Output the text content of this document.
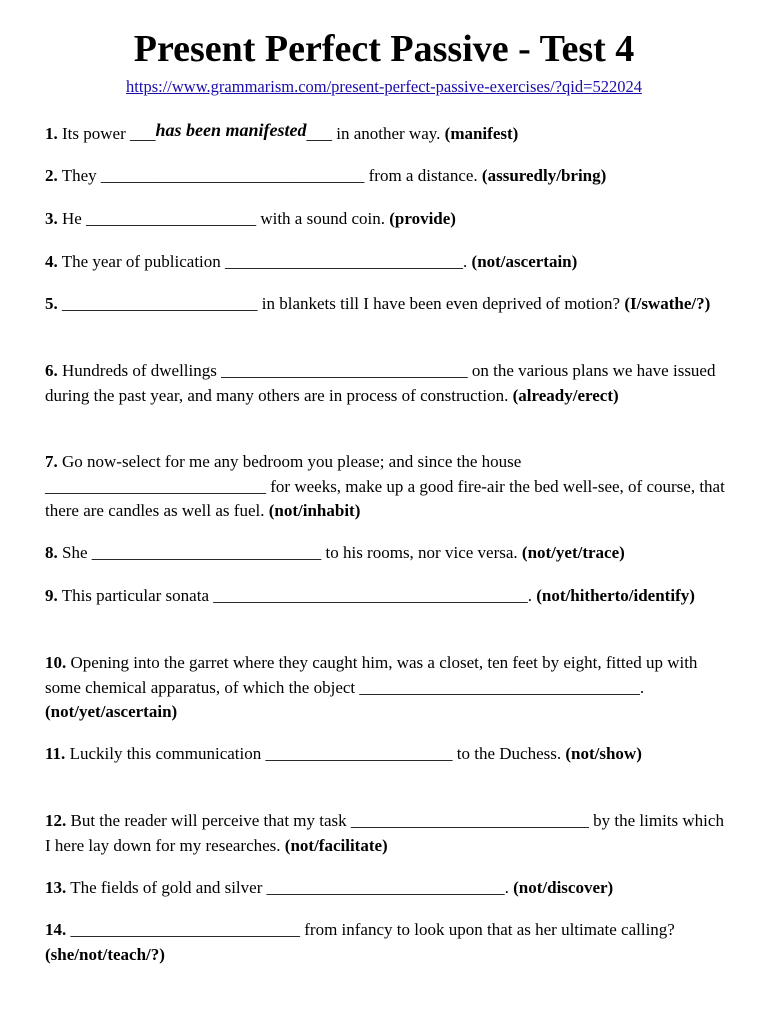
Present Perfect Passive - Test 4
https://www.grammarism.com/present-perfect-passive-exercises/?qid=522024

1. Its power ___has been manifested___ in another way. (manifest)

2. They _______________________________ from a distance. (assuredly/bring)

3. He ____________________ with a sound coin. (provide)

4. The year of publication ____________________________. (not/ascertain)

5. _______________________ in blankets till I have been even deprived of motion? (I/swathe/?)

6. Hundreds of dwellings _____________________________ on the various plans we have issued during the past year, and many others are in process of construction. (already/erect)

7. Go now-select for me any bedroom you please; and since the house __________________________ for weeks, make up a good fire-air the bed well-see, of course, that there are candles as well as fuel. (not/inhabit)

8. She ___________________________ to his rooms, nor vice versa. (not/yet/trace)

9. This particular sonata _____________________________________. (not/hitherto/identify)

10. Opening into the garret where they caught him, was a closet, ten feet by eight, fitted up with some chemical apparatus, of which the object _________________________________. (not/yet/ascertain)

11. Luckily this communication ______________________ to the Duchess. (not/show)

12. But the reader will perceive that my task ____________________________ by the limits which I here lay down for my researches. (not/facilitate)

13. The fields of gold and silver ____________________________. (not/discover)

14. ___________________________ from infancy to look upon that as her ultimate calling? (she/not/teach/?)
